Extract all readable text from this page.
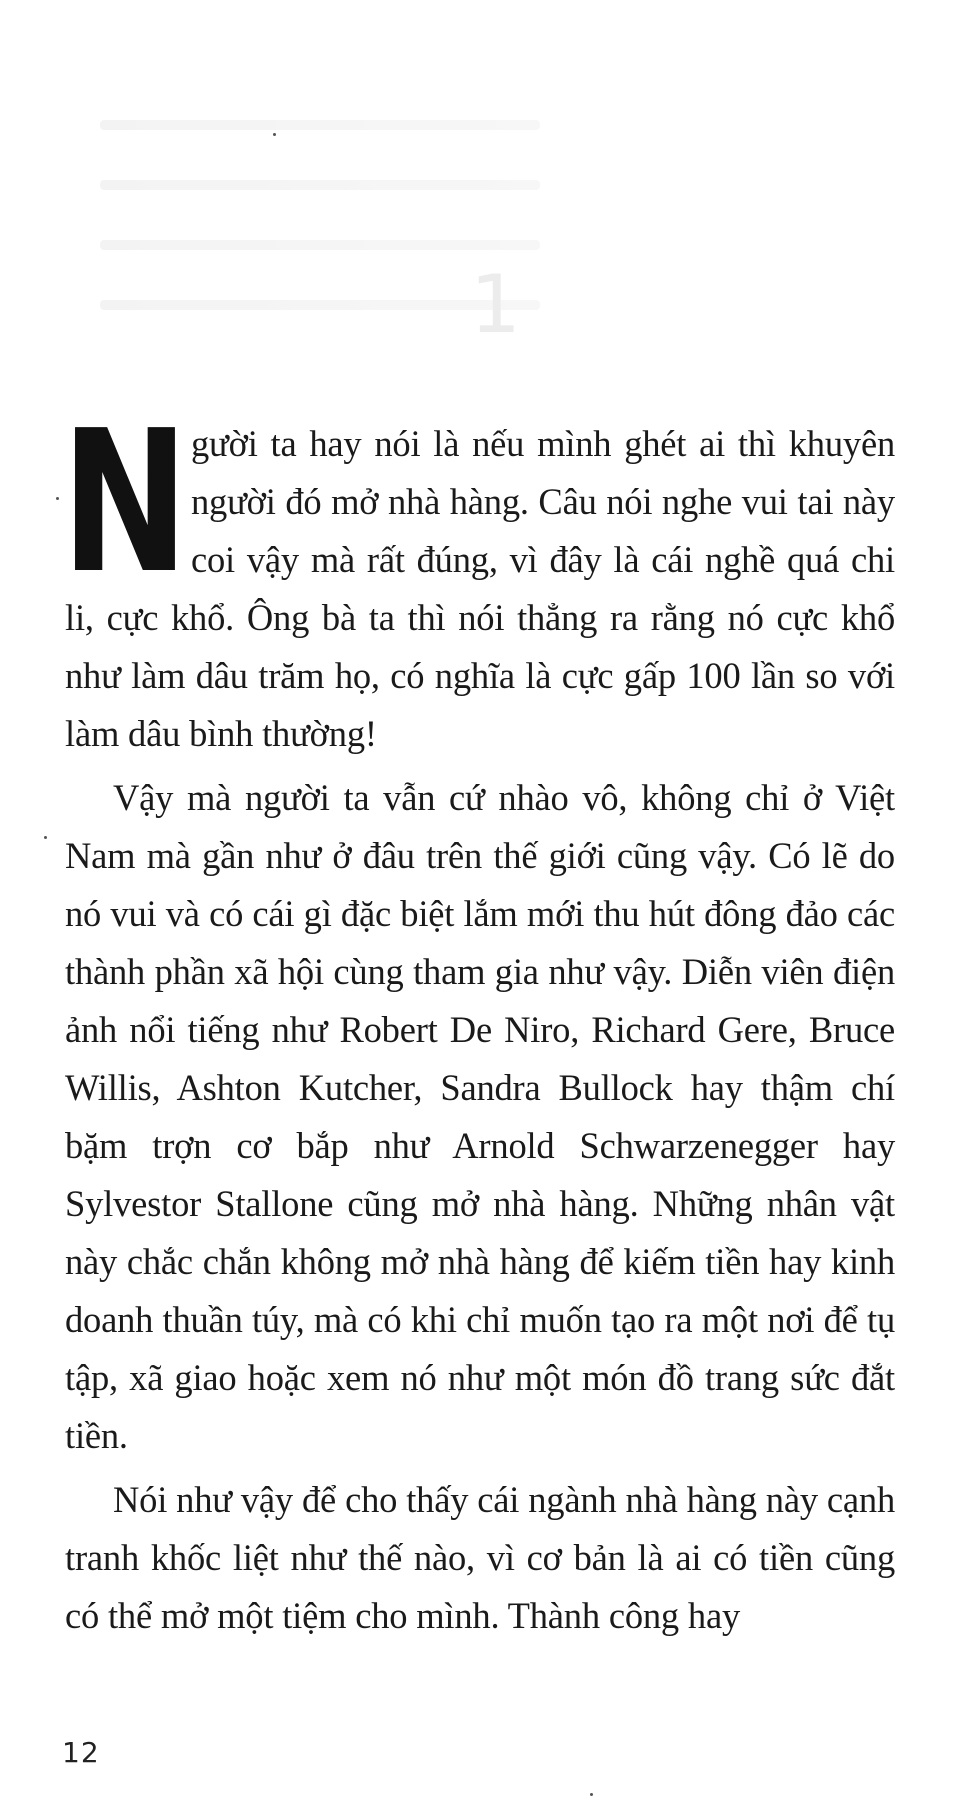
1

Người ta hay nói là nếu mình ghét ai thì khuyên người đó mở nhà hàng. Câu nói nghe vui tai này coi vậy mà rất đúng, vì đây là cái nghề quá chi li, cực khổ. Ông bà ta thì nói thẳng ra rằng nó cực khổ như làm dâu trăm họ, có nghĩa là cực gấp 100 lần so với làm dâu bình thường!

Vậy mà người ta vẫn cứ nhào vô, không chỉ ở Việt Nam mà gần như ở đâu trên thế giới cũng vậy. Có lẽ do nó vui và có cái gì đặc biệt lắm mới thu hút đông đảo các thành phần xã hội cùng tham gia như vậy. Diễn viên điện ảnh nổi tiếng như Robert De Niro, Richard Gere, Bruce Willis, Ashton Kutcher, Sandra Bullock hay thậm chí bặm trợn cơ bắp như Arnold Schwarzenegger hay Sylvestor Stallone cũng mở nhà hàng. Những nhân vật này chắc chắn không mở nhà hàng để kiếm tiền hay kinh doanh thuần túy, mà có khi chỉ muốn tạo ra một nơi để tụ tập, xã giao hoặc xem nó như một món đồ trang sức đắt tiền.

Nói như vậy để cho thấy cái ngành nhà hàng này cạnh tranh khốc liệt như thế nào, vì cơ bản là ai có tiền cũng có thể mở một tiệm cho mình. Thành công hay

12
